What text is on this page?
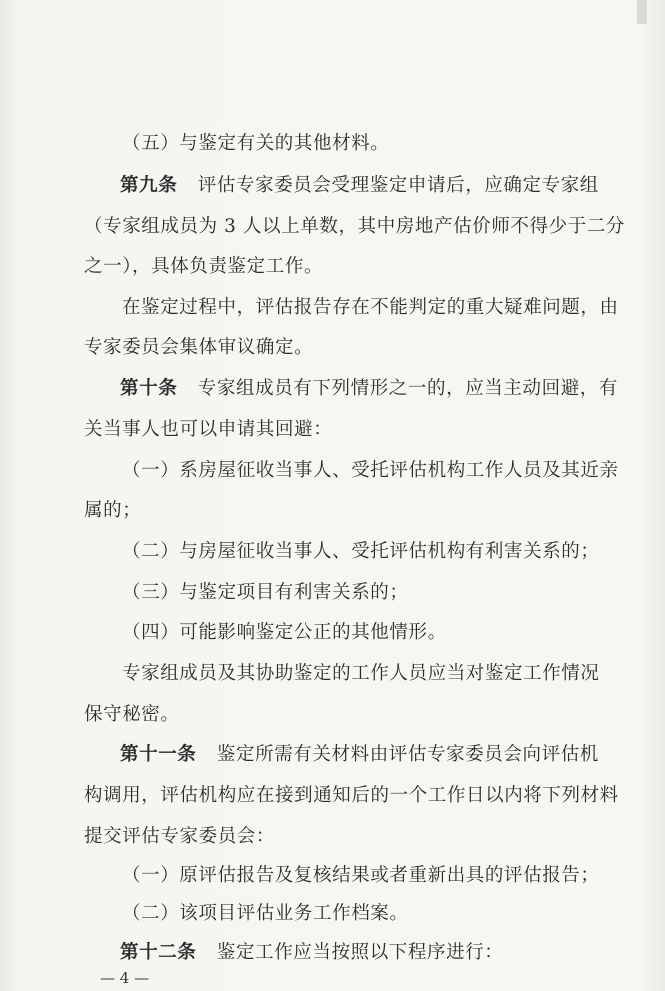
（五）与鉴定有关的其他材料。
第九条 评估专家委员会受理鉴定申请后，应确定专家组
（专家组成员为 3 人以上单数，其中房地产估价师不得少于二分
之一），具体负责鉴定工作。
在鉴定过程中，评估报告存在不能判定的重大疑难问题，由
专家委员会集体审议确定。
第十条 专家组成员有下列情形之一的，应当主动回避，有
关当事人也可以申请其回避：
（一）系房屋征收当事人、受托评估机构工作人员及其近亲
属的；
（二）与房屋征收当事人、受托评估机构有利害关系的；
（三）与鉴定项目有利害关系的；
（四）可能影响鉴定公正的其他情形。
专家组成员及其协助鉴定的工作人员应当对鉴定工作情况
保守秘密。
第十一条 鉴定所需有关材料由评估专家委员会向评估机
构调用，评估机构应在接到通知后的一个工作日以内将下列材料
提交评估专家委员会：
（一）原评估报告及复核结果或者重新出具的评估报告；
（二）该项目评估业务工作档案。
第十二条 鉴定工作应当按照以下程序进行：
— 4 —
